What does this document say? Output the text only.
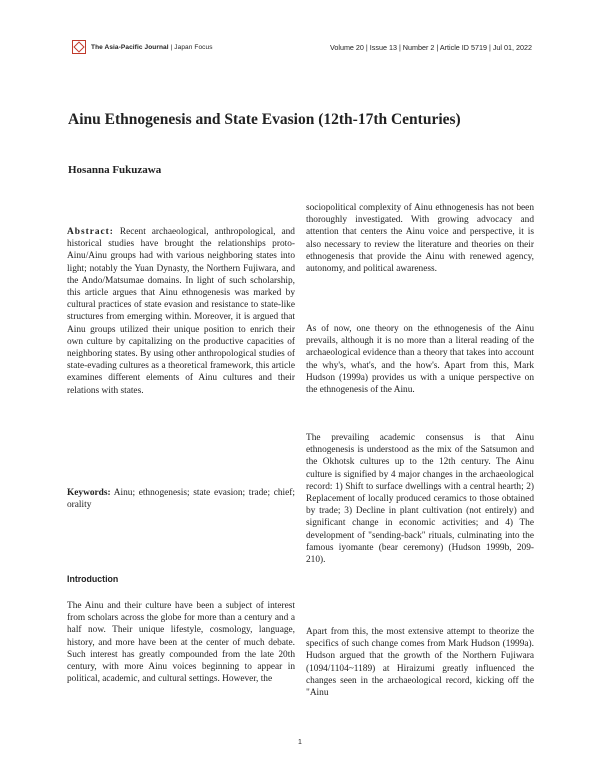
The Asia-Pacific Journal | Japan Focus	Volume 20 | Issue 13 | Number 2 | Article ID 5719 | Jul 01, 2022
Ainu Ethnogenesis and State Evasion (12th-17th Centuries)
Hosanna Fukuzawa

Abstract: Recent archaeological, anthropological, and historical studies have brought the relationships proto-Ainu/Ainu groups had with various neighboring states into light; notably the Yuan Dynasty, the Northern Fujiwara, and the Ando/Matsumae domains. In light of such scholarship, this article argues that Ainu ethnogenesis was marked by cultural practices of state evasion and resistance to state-like structures from emerging within. Moreover, it is argued that Ainu groups utilized their unique position to enrich their own culture by capitalizing on the productive capacities of neighboring states. By using other anthropological studies of state-evading cultures as a theoretical framework, this article examines different elements of Ainu cultures and their relations with states.

Keywords: Ainu; ethnogenesis; state evasion; trade; chief; orality

Introduction

The Ainu and their culture have been a subject of interest from scholars across the globe for more than a century and a half now. Their unique lifestyle, cosmology, language, history, and more have been at the center of much debate. Such interest has greatly compounded from the late 20th century, with more Ainu voices beginning to appear in political, academic, and cultural settings. However, the

sociopolitical complexity of Ainu ethnogenesis has not been thoroughly investigated. With growing advocacy and attention that centers the Ainu voice and perspective, it is also necessary to review the literature and theories on their ethnogenesis that provide the Ainu with renewed agency, autonomy, and political awareness.

As of now, one theory on the ethnogenesis of the Ainu prevails, although it is no more than a literal reading of the archaeological evidence than a theory that takes into account the why's, what's, and the how's. Apart from this, Mark Hudson (1999a) provides us with a unique perspective on the ethnogenesis of the Ainu.

The prevailing academic consensus is that Ainu ethnogenesis is understood as the mix of the Satsumon and the Okhotsk cultures up to the 12th century. The Ainu culture is signified by 4 major changes in the archaeological record: 1) Shift to surface dwellings with a central hearth; 2) Replacement of locally produced ceramics to those obtained by trade; 3) Decline in plant cultivation (not entirely) and significant change in economic activities; and 4) The development of "sending-back" rituals, culminating into the famous iyomante (bear ceremony) (Hudson 1999b, 209-210).

Apart from this, the most extensive attempt to theorize the specifics of such change comes from Mark Hudson (1999a). Hudson argued that the growth of the Northern Fujiwara (1094/1104~1189) at Hiraizumi greatly influenced the changes seen in the archaeological record, kicking off the "Ainu

1
